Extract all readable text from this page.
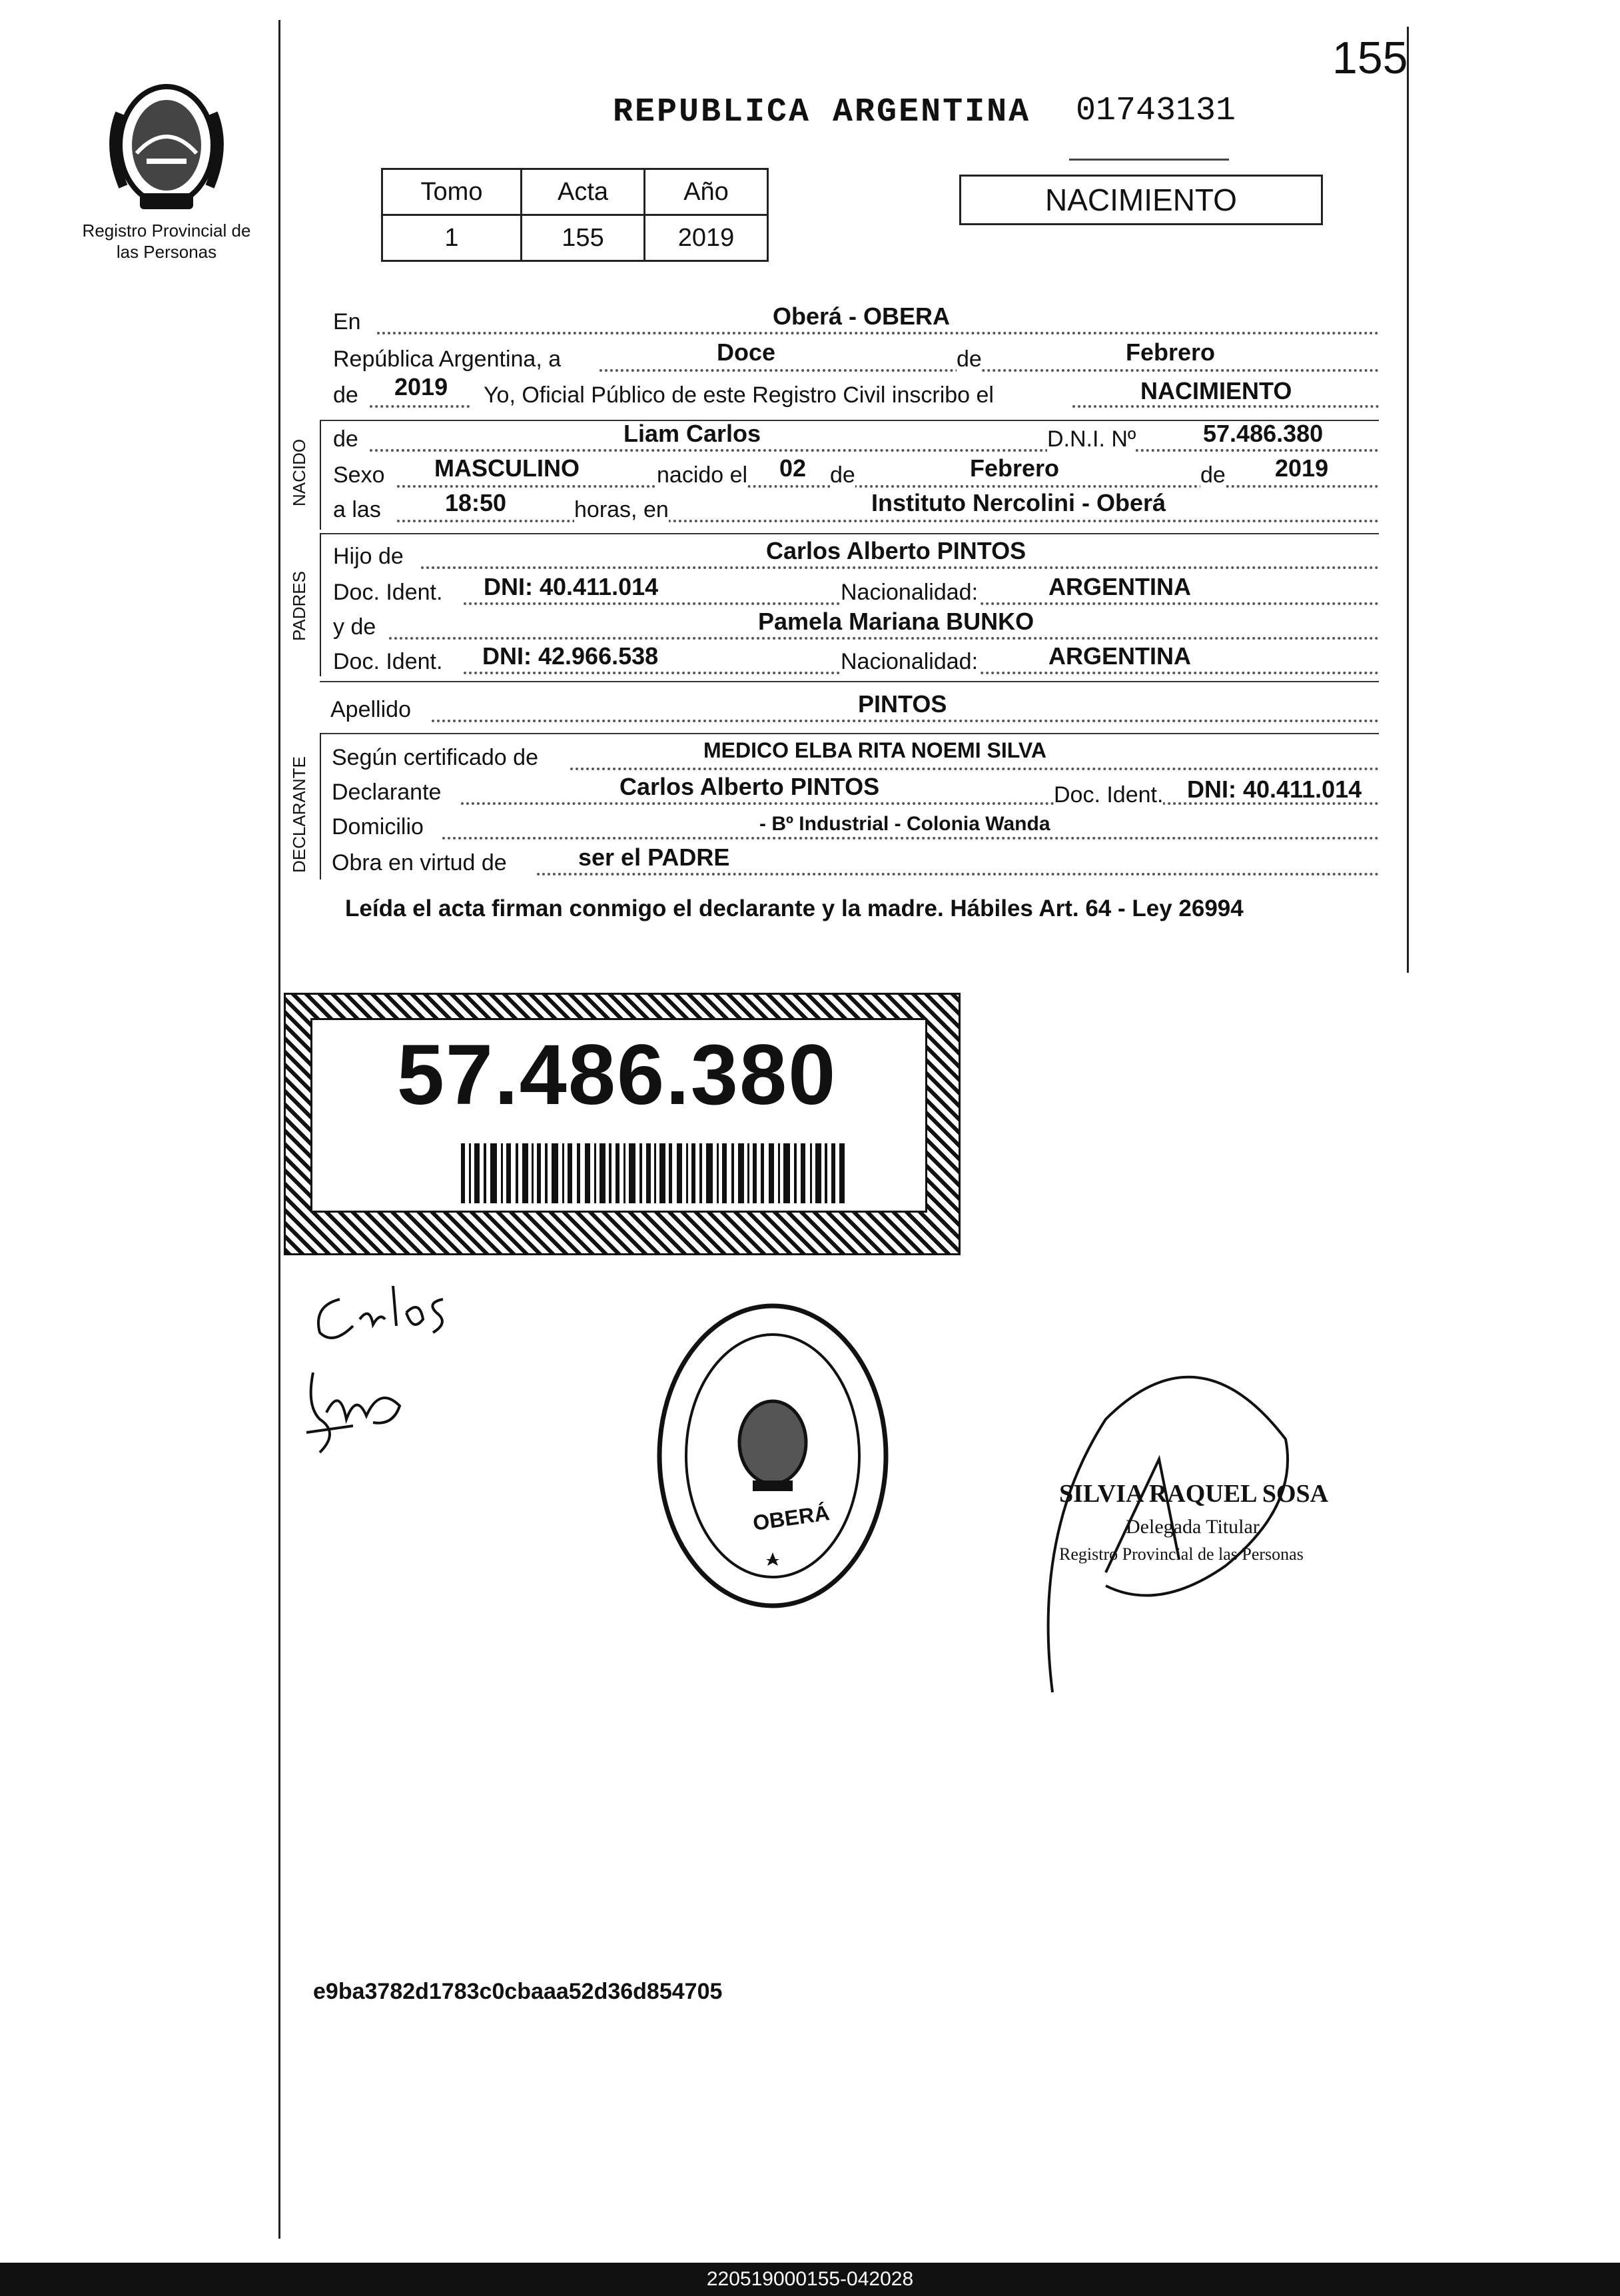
155
Registro Provincial de las Personas
REPUBLICA ARGENTINA 01743131
Tomo	Acta	Año
1	155	2019
NACIMIENTO
En	Oberá - OBERA
República Argentina, a	Doce	de	Febrero
de 2019 Yo, Oficial Público de este Registro Civil inscribo el	NACIMIENTO
NACIDO de	Liam Carlos	D.N.I. Nº	57.486.380
Sexo MASCULINO	nacido el 02 de	Febrero	de 2019
a las	18:50	horas, en	Instituto Nercolini - Oberá
PADRES
Hijo de	Carlos Alberto PINTOS
Doc. Ident. DNI: 40.411.014	Nacionalidad:	ARGENTINA
y de	Pamela Mariana BUNKO
Doc. Ident. DNI: 42.966.538	Nacionalidad:	ARGENTINA
Apellido	PINTOS
DECLARANTE Según certificado de	MEDICO ELBA RITA NOEMI SILVA
Declarante	Carlos Alberto PINTOS	Doc. Ident. DNI: 40.411.014
Domicilio	- Bº Industrial - Colonia Wanda
Obra en virtud de	ser el PADRE
Leída el acta firman conmigo el declarante y la madre. Hábiles Art. 64 - Ley 26994
57.486.380
OBERÁ
SILVIA RAQUEL SOSA
Delegada Titular
Registro Provincial de las Personas
e9ba3782d1783c0cbaaa52d36d854705
220519000155-042028
